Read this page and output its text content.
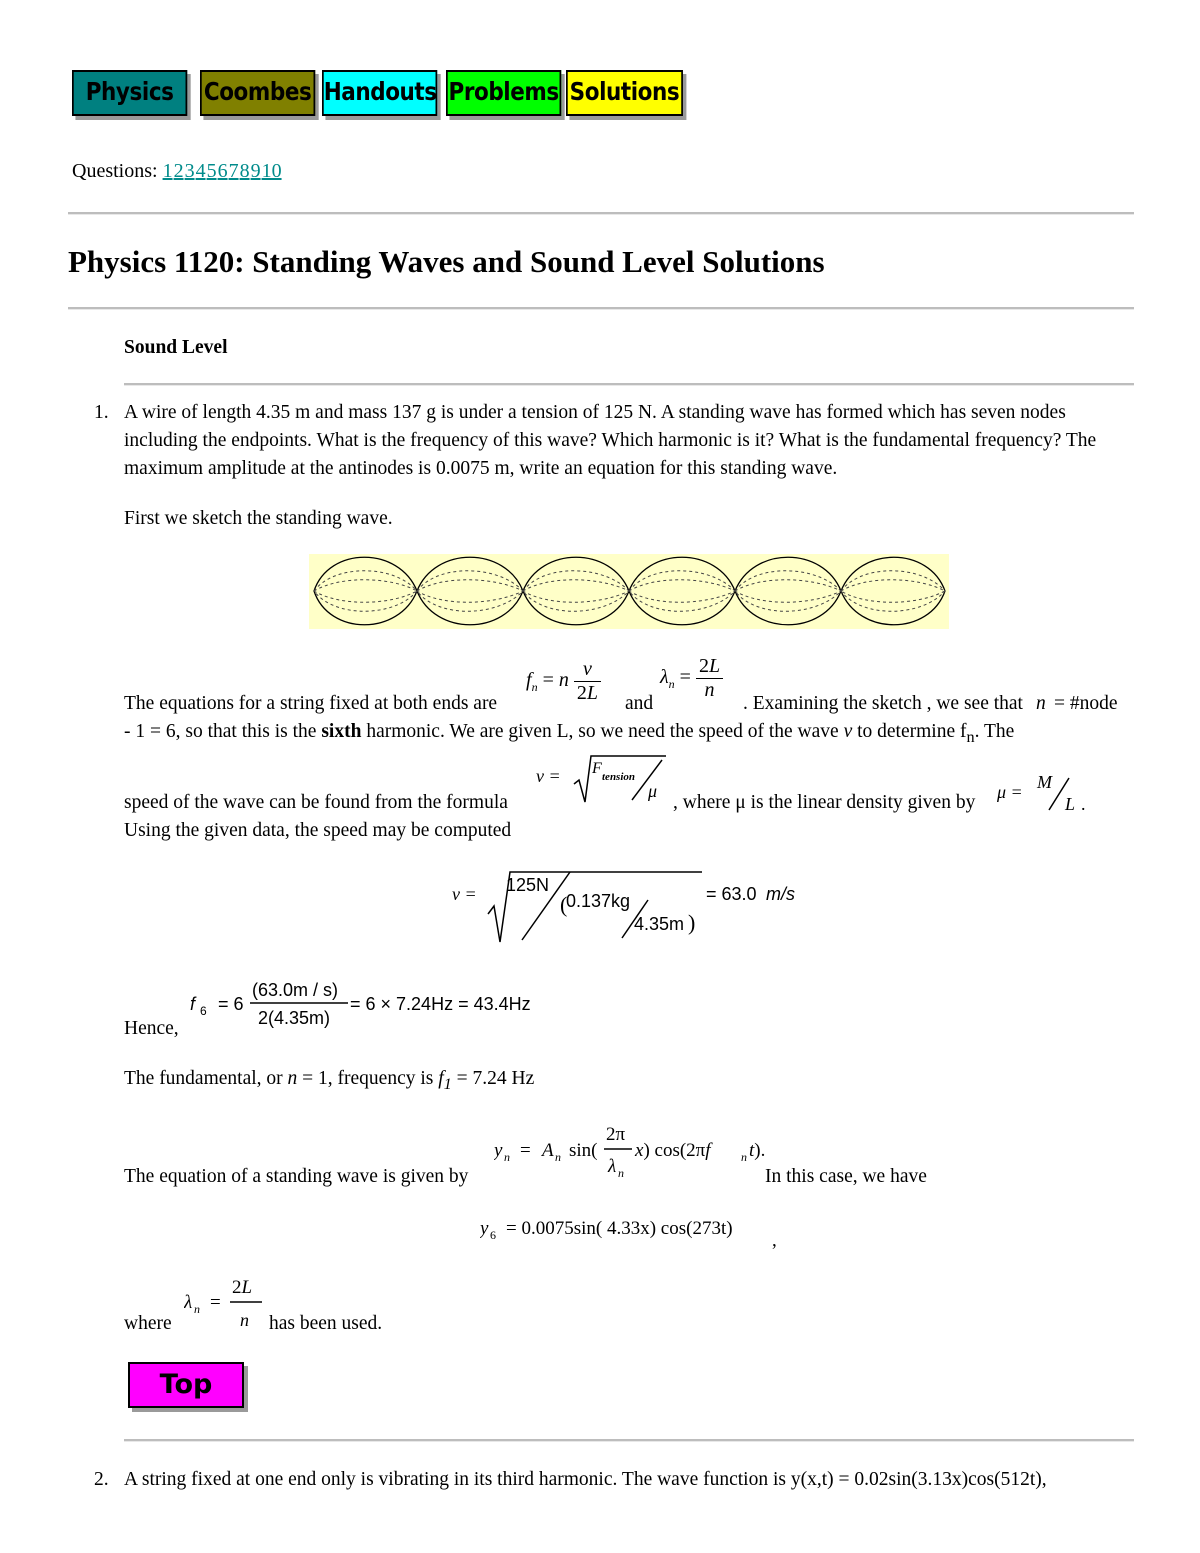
Physics	Coombes Handouts Problems Solutions
Questions: 12345678910
Physics 1120: Standing Waves and Sound Level Solutions
Sound Level
1. A wire of length 4.35 m and mass 137 g is under a tension of 125 N. A standing wave has formed which has seven nodes including the endpoints. What is the frequency of this wave? Which harmonic is it? What is the fundamental frequency? The maximum amplitude at the antinodes is 0.0075 m, write an equation for this standing wave.
First we sketch the standing wave.
The equations for a string fixed at both ends are
$f_n = n \frac{v}{2L}$ and
$\lambda_n = \frac{2L}{n}$
. Examining the sketch , we see that n = #node
- 1 = 6, so that this is the sixth harmonic. We are given L, so we need the speed of the wave v to determine $f_n$. The
speed of the wave can be found from the formula
v = F tension
μ
, where μ is the linear density given by μ = M
L .
Using the given data, the speed may be computed
v = 125N
(
0.137kg
4.35m )
= 63.0 m/s
Hence,
f 6 = 6
(63.0m / s)
2(4.35m)
= 6 × 7.24Hz = 43.4Hz
The fundamental, or n = 1, frequency is $f_1 = 7.24$ Hz
The equation of a standing wave is given by
y n = A n sin(
2π
λ n
x) cos(2πf	n t).
In this case, we have
y 6 = 0.0075sin( 4.33x) cos(273t)
,
where
λ n =
2L
n has been used.
Top
2. A string fixed at one end only is vibrating in its third harmonic. The wave function is y(x,t) = 0.02sin(3.13x)cos(512t),
